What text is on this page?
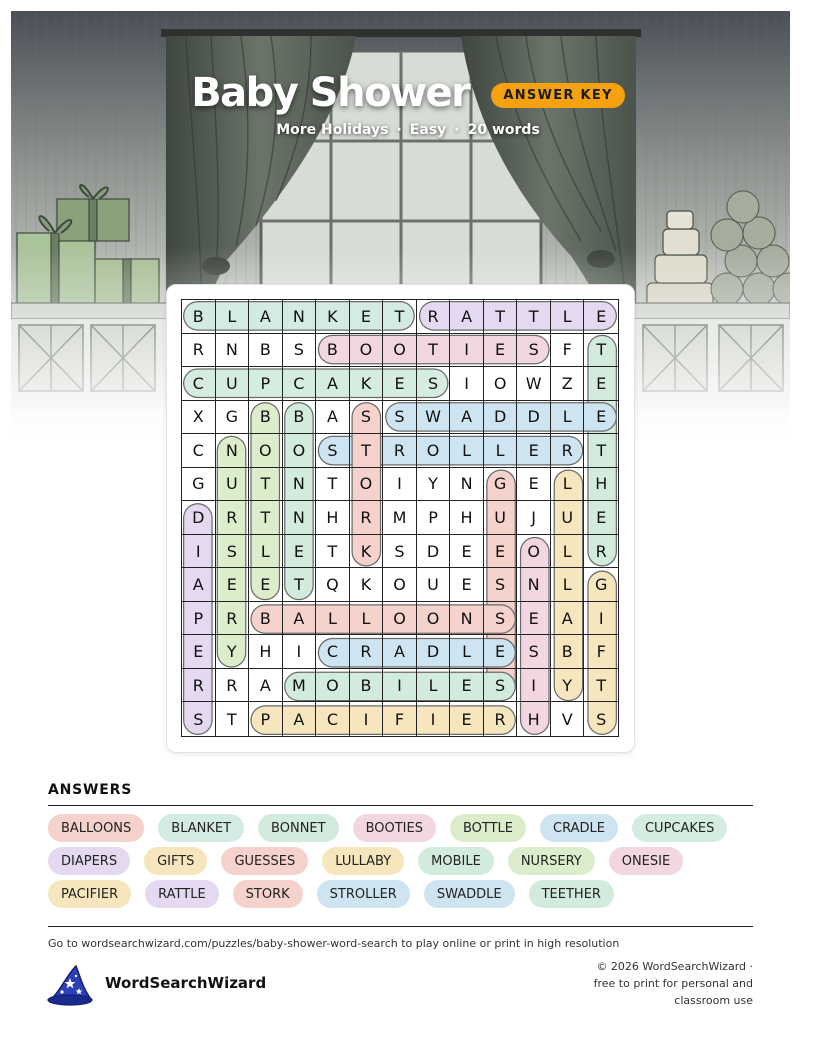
Baby Shower	ANSWER KEY
More Holidays · Easy · 20 words
B	L	A	N	K	E	T	R	A	T	T	L	E
R	N	B	S	B	O	O	T	I	E	S	F	T
C	U	P	C	A	K	E	S	I	O	W	Z	E
X	G	B	B	A	S	S	W	A	D	D	L	E
C	N	O	O	S	T	R	O	L	L	E	R	T
G	U	T	N	T	O	I	Y	N	G	E	L	H
D	R	T	N	H	R	M	P	H	U	J	U	E
I	S	L	E	T	K	S	D	E	E	O	L	R
A	E	E	T	Q	K	O	U	E	S	N	L	G
P	R	B	A	L	L	O	O	N	S	E	A	I
E	Y	H	I	C	R	A	D	L	E	S	B	F
R	R	A	M	O	B	I	L	E	S	I	Y	T
S	T	P	A	C	I	F	I	E	R	H	V	S
ANSWERS
BALLOONS	BLANKET	BONNET	BOOTIES	BOTTLE	CRADLE	CUPCAKES
DIAPERS	GIFTS	GUESSES	LULLABY	MOBILE	NURSERY	ONESIE
PACIFIER	RATTLE	STORK	STROLLER	SWADDLE	TEETHER
Go to wordsearchwizard.com/puzzles/baby-shower-word-search to play online or print in high resolution
WordSearchWizard
© 2026 WordSearchWizard ·
free to print for personal and
classroom use
